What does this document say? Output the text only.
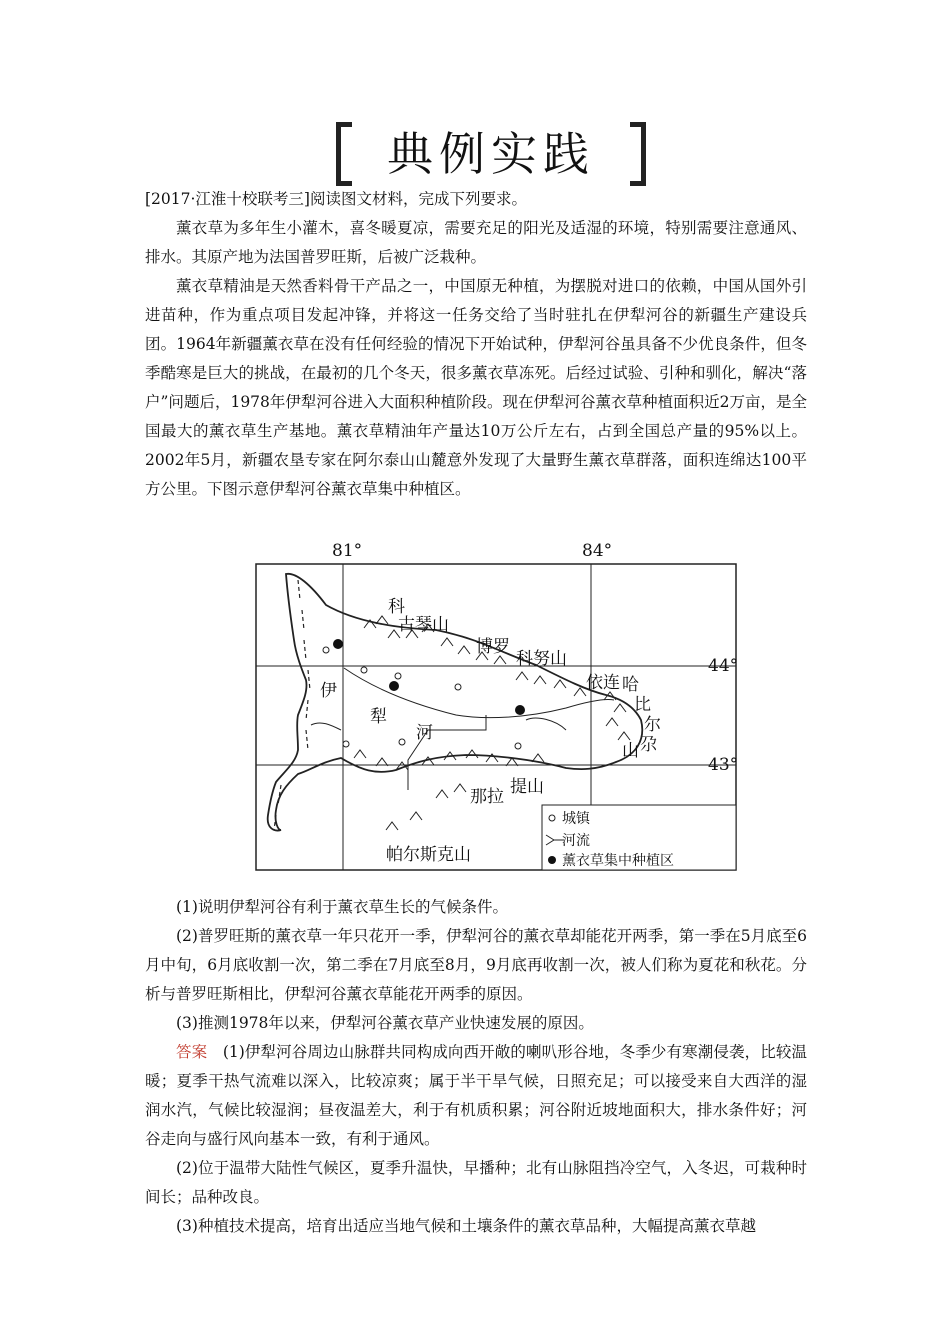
典例实践

[2017·江淮十校联考三]阅读图文材料，完成下列要求。

薰衣草为多年生小灌木，喜冬暖夏凉，需要充足的阳光及适湿的环境，特别需要注意通风、排水。其原产地为法国普罗旺斯，后被广泛栽种。

薰衣草精油是天然香料骨干产品之一，中国原无种植，为摆脱对进口的依赖，中国从国外引进苗种，作为重点项目发起冲锋，并将这一任务交给了当时驻扎在伊犁河谷的新疆生产建设兵团。1964年新疆薰衣草在没有任何经验的情况下开始试种，伊犁河谷虽具备不少优良条件，但冬季酷寒是巨大的挑战，在最初的几个冬天，很多薰衣草冻死。后经过试验、引种和驯化，解决“落户”问题后，1978年伊犁河谷进入大面积种植阶段。现在伊犁河谷薰衣草种植面积近2万亩，是全国最大的薰衣草生产基地。薰衣草精油年产量达10万公斤左右，占到全国总产量的95%以上。2002年5月，新疆农垦专家在阿尔泰山山麓意外发现了大量野生薰衣草群落，面积连绵达100平方公里。下图示意伊犁河谷薰衣草集中种植区。

81°	84°
44°
43°
科
古琴山
博罗
科努山
依连 哈
比
尔
尕
山
那拉 提山
帕尔斯克山
伊
犁
河
城镇
河流
薰衣草集中种植区

(1)说明伊犁河谷有利于薰衣草生长的气候条件。

(2)普罗旺斯的薰衣草一年只花开一季，伊犁河谷的薰衣草却能花开两季，第一季在5月底至6月中旬，6月底收割一次，第二季在7月底至8月，9月底再收割一次，被人们称为夏花和秋花。分析与普罗旺斯相比，伊犁河谷薰衣草能花开两季的原因。

(3)推测1978年以来，伊犁河谷薰衣草产业快速发展的原因。

答案　 (1)伊犁河谷周边山脉群共同构成向西开敞的喇叭形谷地，冬季少有寒潮侵袭，比较温暖；夏季干热气流难以深入，比较凉爽；属于半干旱气候，日照充足；可以接受来自大西洋的湿润水汽，气候比较湿润；昼夜温差大，利于有机质积累；河谷附近坡地面积大，排水条件好；河谷走向与盛行风向基本一致，有利于通风。

(2)位于温带大陆性气候区，夏季升温快，早播种；北有山脉阻挡冷空气，入冬迟，可栽种时间长；品种改良。

(3)种植技术提高，培育出适应当地气候和土壤条件的薰衣草品种，大幅提高薰衣草越
